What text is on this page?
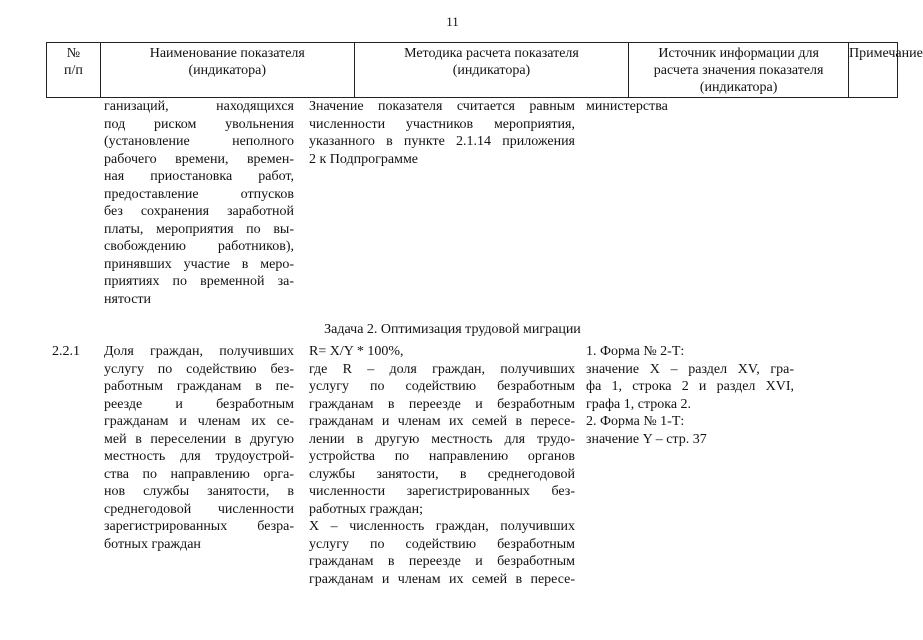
11
№
п/п
Наименование показателя
(индикатора)
Методика расчета показателя
(индикатора)
Источник информации для
расчета значения показателя
(индикатора)
Примечание
ганизаций, находящихся
под риском увольнения
(установление неполного
рабочего времени, времен-
ная приостановка работ,
предоставление отпусков
без сохранения заработной
платы, мероприятия по вы-
свобождению работников),
принявших участие в меро-
приятиях по временной за-
нятости
Значение показателя считается равным
численности участников мероприятия,
указанного в пункте 2.1.14 приложения
2 к Подпрограмме
министерства
Задача 2. Оптимизация трудовой миграции
2.2.1 Доля граждан, получивших
услугу по содействию без-
работным гражданам в пе-
реезде и безработным
гражданам и членам их се-
мей в переселении в другую
местность для трудоустрой-
ства по направлению орга-
нов службы занятости, в
среднегодовой численности
зарегистрированных безра-
ботных граждан
R= X/Y * 100%,
где R – доля граждан, получивших
услугу по содействию безработным
гражданам в переезде и безработным
гражданам и членам их семей в пересе-
лении в другую местность для трудо-
устройства по направлению органов
службы занятости, в среднегодовой
численности зарегистрированных без-
работных граждан;
X – численность граждан, получивших
услугу по содействию безработным
гражданам в переезде и безработным
гражданам и членам их семей в пересе-
1. Форма № 2-Т:
значение X – раздел XV, гра-
фа 1, строка 2 и раздел XVI,
графа 1, строка 2.
2. Форма № 1-Т:
значение Y – стр. 37
